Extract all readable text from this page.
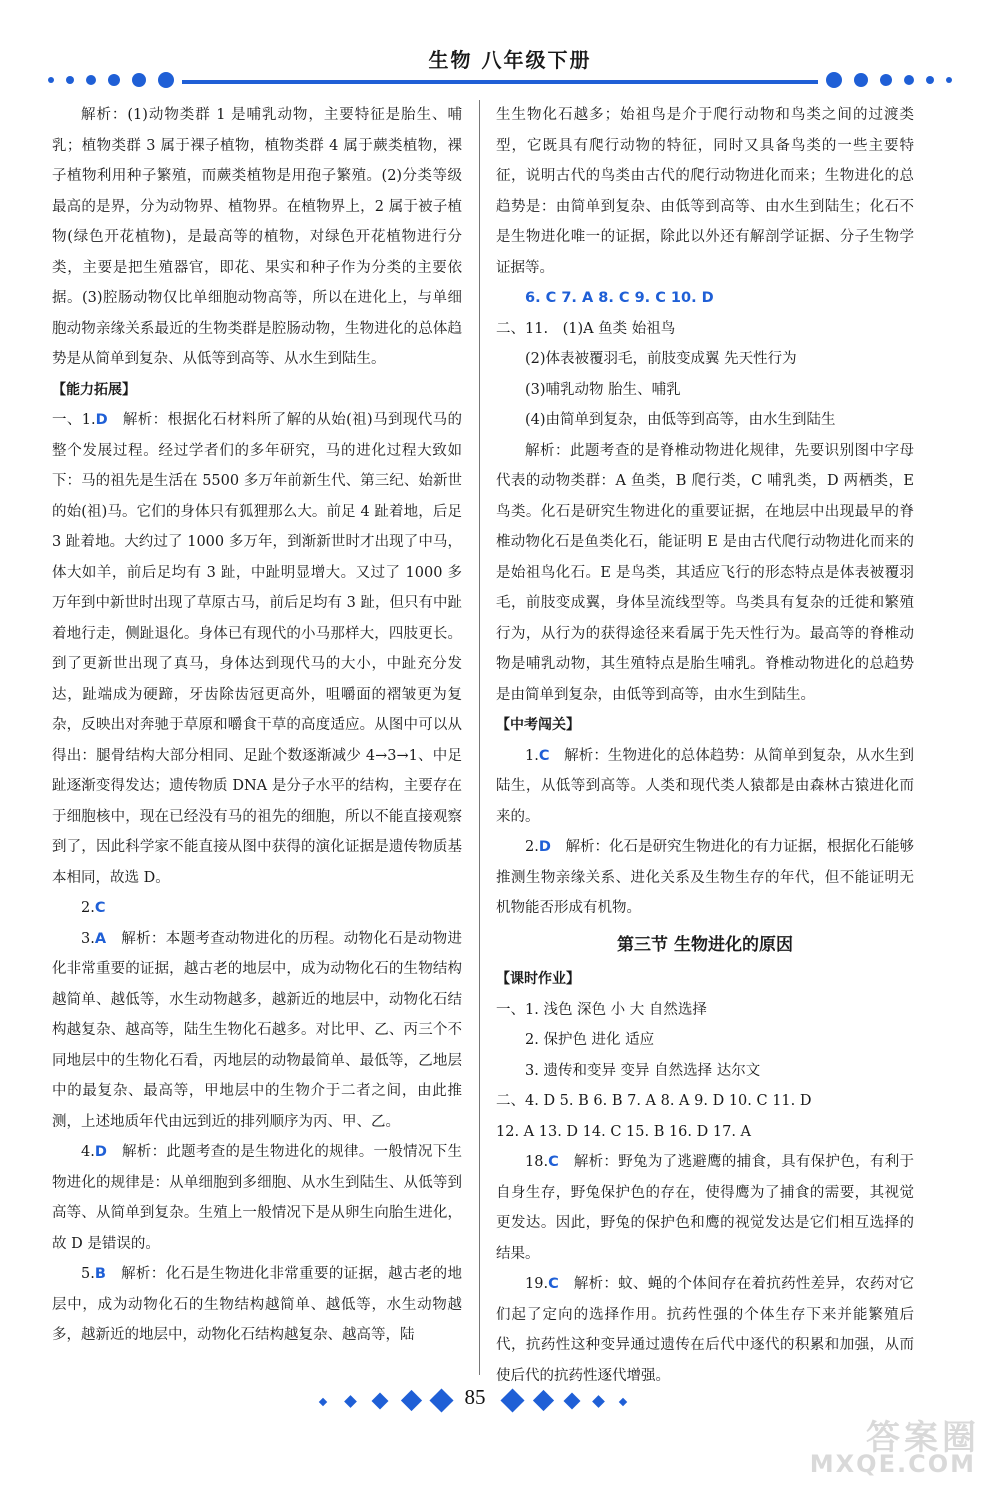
生物 八年级下册

解析：(1)动物类群 1 是哺乳动物，主要特征是胎生、哺乳；植物类群 3 属于裸子植物，植物类群 4 属于蕨类植物，裸子植物利用种子繁殖，而蕨类植物是用孢子繁殖。(2)分类等级最高的是界，分为动物界、植物界。在植物界上，2 属于被子植物(绿色开花植物)，是最高等的植物，对绿色开花植物进行分类，主要是把生殖器官，即花、果实和种子作为分类的主要依据。(3)腔肠动物仅比单细胞动物高等，所以在进化上，与单细胞动物亲缘关系最近的生物类群是腔肠动物，生物进化的总体趋势是从简单到复杂、从低等到高等、从水生到陆生。

【能力拓展】

一、1.D　 解析：根据化石材料所了解的从始(祖)马到现代马的整个发展过程。经过学者们的多年研究，马的进化过程大致如下：马的祖先是生活在 5500 多万年前新生代、第三纪、始新世的始(祖)马。它们的身体只有狐狸那么大。前足 4 趾着地，后足 3 趾着地。大约过了 1000 多万年，到渐新世时才出现了中马，体大如羊，前后足均有 3 趾，中趾明显增大。又过了 1000 多万年到中新世时出现了草原古马，前后足均有 3 趾，但只有中趾着地行走，侧趾退化。身体已有现代的小马那样大，四肢更长。到了更新世出现了真马，身体达到现代马的大小，中趾充分发达，趾端成为硬蹄，牙齿除齿冠更高外，咀嚼面的褶皱更为复杂，反映出对奔驰于草原和嚼食干草的高度适应。从图中可以从得出：腿骨结构大部分相同、足趾个数逐渐减少 4→3→1、中足趾逐渐变得发达；遗传物质 DNA 是分子水平的结构，主要存在于细胞核中，现在已经没有马的祖先的细胞，所以不能直接观察到了，因此科学家不能直接从图中获得的演化证据是遗传物质基本相同，故选 D。

2.C

3.A　 解析：本题考查动物进化的历程。动物化石是动物进化非常重要的证据，越古老的地层中，成为动物化石的生物结构越简单、越低等，水生动物越多，越新近的地层中，动物化石结构越复杂、越高等，陆生生物化石越多。对比甲、乙、丙三个不同地层中的生物化石看，丙地层的动物最简单、最低等，乙地层中的最复杂、最高等，甲地层中的生物介于二者之间，由此推测，上述地质年代由远到近的排列顺序为丙、甲、乙。

4.D　 解析：此题考查的是生物进化的规律。一般情况下生物进化的规律是：从单细胞到多细胞、从水生到陆生、从低等到高等、从简单到复杂。生殖上一般情况下是从卵生向胎生进化，故 D 是错误的。

5.B　 解析：化石是生物进化非常重要的证据，越古老的地层中，成为动物化石的生物结构越简单、越低等，水生动物越多，越新近的地层中，动物化石结构越复杂、越高等，陆

生生物化石越多；始祖鸟是介于爬行动物和鸟类之间的过渡类型，它既具有爬行动物的特征，同时又具备鸟类的一些主要特征，说明古代的鸟类由古代的爬行动物进化而来；生物进化的总趋势是：由简单到复杂、由低等到高等、由水生到陆生；化石不是生物进化唯一的证据，除此以外还有解剖学证据、分子生物学证据等。

6. C 7. A 8. C 9. C 10. D

二、11.　 (1)A 鱼类 始祖鸟

(2)体表被覆羽毛，前肢变成翼 先天性行为

(3)哺乳动物 胎生、哺乳

(4)由简单到复杂，由低等到高等，由水生到陆生

解析：此题考查的是脊椎动物进化规律，先要识别图中字母代表的动物类群：A 鱼类，B 爬行类，C 哺乳类，D 两栖类，E 鸟类。化石是研究生物进化的重要证据，在地层中出现最早的脊椎动物化石是鱼类化石，能证明 E 是由古代爬行动物进化而来的是始祖鸟化石。E 是鸟类，其适应飞行的形态特点是体表被覆羽毛，前肢变成翼，身体呈流线型等。鸟类具有复杂的迁徙和繁殖行为，从行为的获得途径来看属于先天性行为。最高等的脊椎动物是哺乳动物，其生殖特点是胎生哺乳。脊椎动物进化的总趋势是由简单到复杂，由低等到高等，由水生到陆生。

【中考闯关】

1.C　 解析：生物进化的总体趋势：从简单到复杂，从水生到陆生，从低等到高等。人类和现代类人猿都是由森林古猿进化而来的。

2.D　 解析：化石是研究生物进化的有力证据，根据化石能够推测生物亲缘关系、进化关系及生物生存的年代，但不能证明无机物能否形成有机物。

第三节 生物进化的原因

【课时作业】

一、1. 浅色 深色 小 大 自然选择

2. 保护色 进化 适应

3. 遗传和变异 变异 自然选择 达尔文

二、4. D 5. B 6. B 7. A 8. A 9. D 10. C 11. D

12. A 13. D 14. C 15. B 16. D 17. A

18.C　 解析：野兔为了逃避鹰的捕食，具有保护色，有利于自身生存，野兔保护色的存在，使得鹰为了捕食的需要，其视觉更发达。因此，野兔的保护色和鹰的视觉发达是它们相互选择的结果。

19.C　 解析：蚊、蝇的个体间存在着抗药性差异，农药对它们起了定向的选择作用。抗药性强的个体生存下来并能繁殖后代，抗药性这种变异通过遗传在后代中逐代的积累和加强，从而使后代的抗药性逐代增强。

85
答案圈
MXQE.COM
